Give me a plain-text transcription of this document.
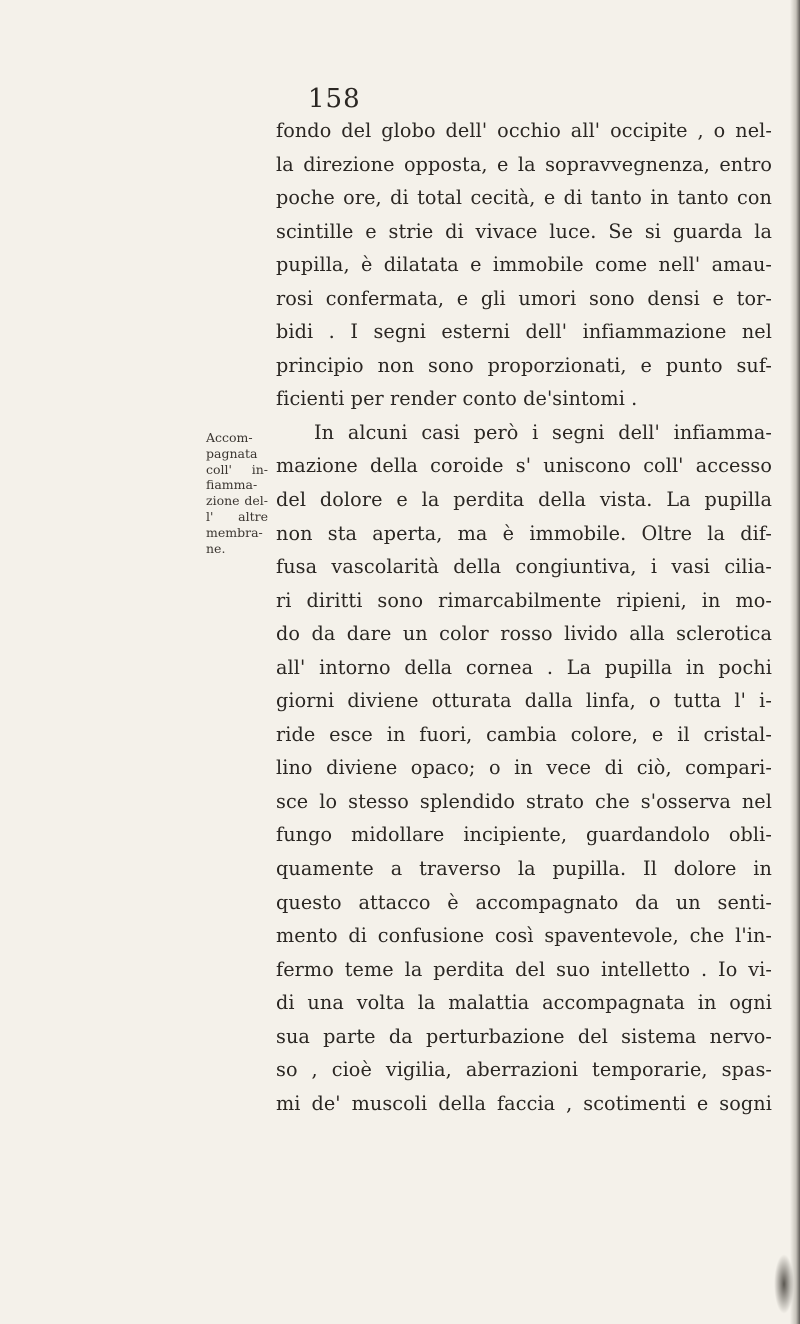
158
Accom-
pagnata
coll' in-
fiamma-
zione del-
l' altre
membra-
ne.
fondo del globo dell' occhio all' occipite , o nel-
la direzione opposta, e la sopravvegnenza, entro
poche ore, di total cecità, e di tanto in tanto con
scintille e strie di vivace luce. Se si guarda la
pupilla, è dilatata e immobile come nell' amau-
rosi confermata, e gli umori sono densi e tor-
bidi . I segni esterni dell' infiammazione nel
principio non sono proporzionati, e punto suf-
ficienti per render conto de'sintomi .
In alcuni casi però i segni dell' infiamma-
mazione della coroide s' uniscono coll' accesso
del dolore e la perdita della vista. La pupilla
non sta aperta, ma è immobile. Oltre la dif-
fusa vascolarità della congiuntiva, i vasi cilia-
ri diritti sono rimarcabilmente ripieni, in mo-
do da dare un color rosso livido alla sclerotica
all' intorno della cornea . La pupilla in pochi
giorni diviene otturata dalla linfa, o tutta l' i-
ride esce in fuori, cambia colore, e il cristal-
lino diviene opaco; o in vece di ciò, compari-
sce lo stesso splendido strato che s'osserva nel
fungo midollare incipiente, guardandolo obli-
quamente a traverso la pupilla. Il dolore in
questo attacco è accompagnato da un senti-
mento di confusione così spaventevole, che l'in-
fermo teme la perdita del suo intelletto . Io vi-
di una volta la malattia accompagnata in ogni
sua parte da perturbazione del sistema nervo-
so , cioè vigilia, aberrazioni temporarie, spas-
mi de' muscoli della faccia , scotimenti e sogni
